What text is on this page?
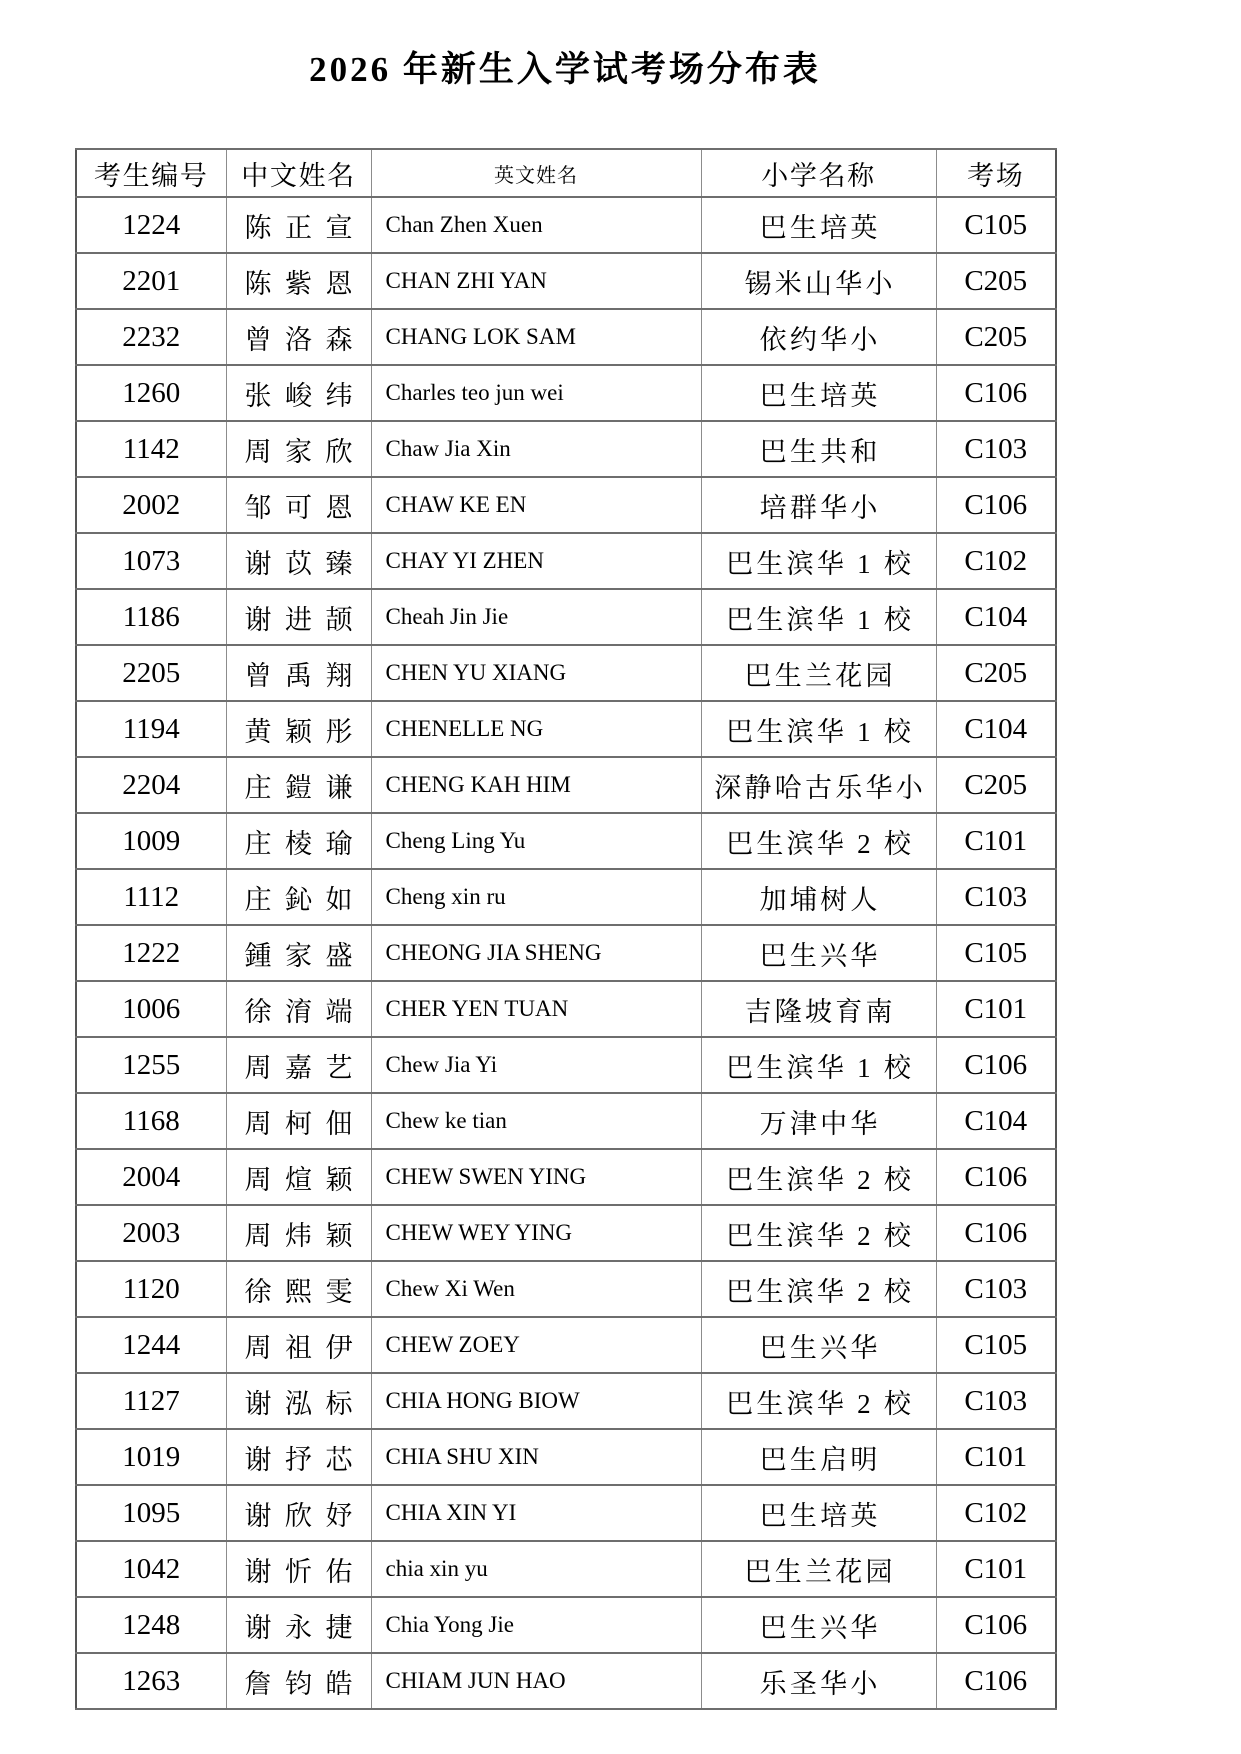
2026 年新生入学试考场分布表
考生编号	中文姓名	英文姓名	小学名称	考场
1224	陈正宣	Chan Zhen Xuen	巴生培英	C105
2201	陈紫恩	CHAN ZHI YAN	锡米山华小	C205
2232	曾洛森	CHANG LOK SAM	依约华小	C205
1260	张峻纬	Charles teo jun wei	巴生培英	C106
1142	周家欣	Chaw Jia Xin	巴生共和	C103
2002	邹可恩	CHAW KE EN	培群华小	C106
1073	谢苡臻	CHAY YI ZHEN	巴生滨华 1 校	C102
1186	谢进颉	Cheah Jin Jie	巴生滨华 1 校	C104
2205	曾禹翔	CHEN YU XIANG	巴生兰花园	C205
1194	黄颖彤	CHENELLE NG	巴生滨华 1 校	C104
2204	庄鎧谦	CHENG KAH HIM	深静哈古乐华小	C205
1009	庄棱瑜	Cheng Ling Yu	巴生滨华 2 校	C101
1112	庄鈊如	Cheng xin ru	加埔树人	C103
1222	鍾家盛	CHEONG JIA SHENG	巴生兴华	C105
1006	徐淯端	CHER YEN TUAN	吉隆坡育南	C101
1255	周嘉艺	Chew Jia Yi	巴生滨华 1 校	C106
1168	周柯佃	Chew ke tian	万津中华	C104
2004	周煊颖	CHEW SWEN YING	巴生滨华 2 校	C106
2003	周炜颖	CHEW WEY YING	巴生滨华 2 校	C106
1120	徐熙雯	Chew Xi Wen	巴生滨华 2 校	C103
1244	周祖伊	CHEW ZOEY	巴生兴华	C105
1127	谢泓标	CHIA HONG BIOW	巴生滨华 2 校	C103
1019	谢抒芯	CHIA SHU XIN	巴生启明	C101
1095	谢欣妤	CHIA XIN YI	巴生培英	C102
1042	谢忻佑	chia xin yu	巴生兰花园	C101
1248	谢永捷	Chia Yong Jie	巴生兴华	C106
1263	詹钧皓	CHIAM JUN HAO	乐圣华小	C106
